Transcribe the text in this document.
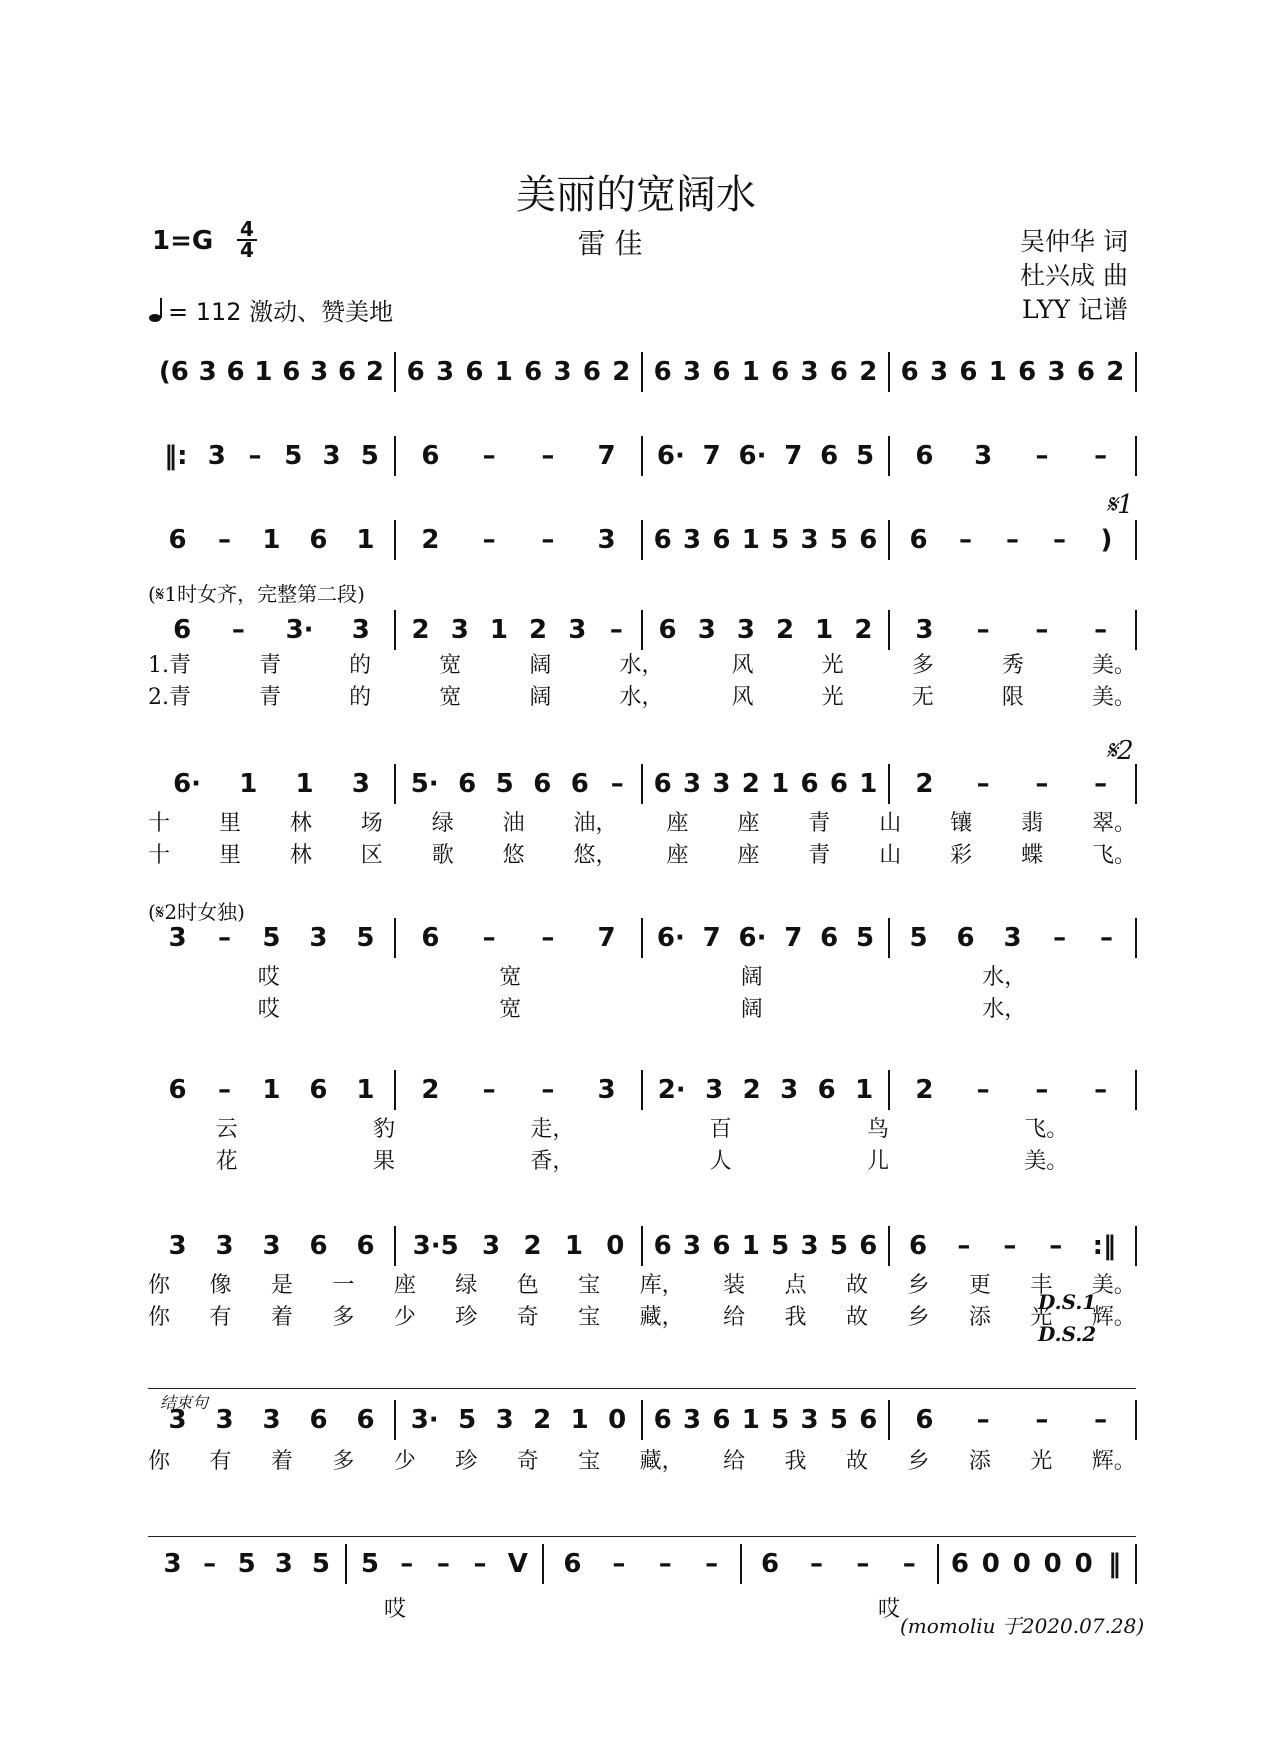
美丽的宽阔水
雷 佳
1=G 4
4	吴仲华 词
杜兴成 曲
LYY 记谱
= 112 激动、赞美地
(6 3 6 1 6 3 6 2 6 3 6 1 6 3 6 2 6 3 6 1 6 3 6 2 6 3 6 1 6 3 6 2
‖: 3 – 5 3 5 6 – – 7 6· 7 6· 7 6 5 6 3 – –
6 – 1 6 1 2 – – 3 6 3 6 1 5 3 5 6 6 – – – )
6 – 3· 3 2 3 1 2 3 – 6 3 3 2 1 2 3 – – –
1.青	青	的	宽	阔	水，	风	光	多	秀	美。
2.青	青	的	宽	阔	水，	风	光	无	限	美。
6· 1 1 3 5· 6 5 6 6 – 6 3 3 2 1 6 6 1 2 – – –
十 里 林 场 绿 油 油， 座 座 青 山 镶 翡 翠。
十 里 林 区 歌 悠 悠， 座 座 青 山 彩 蝶 飞。
3 – 5 3 5 6 – – 7 6· 7 6· 7 6 5 5 6 3 – –
哎	宽	阔	水，
哎	宽	阔	水，
6 – 1 6 1 2 – – 3 2· 3 2 3 6 1 2 – – –
云	豹	走，	百	鸟	飞。
花	果	香，	人	儿	美。
3 3 3 6 6 3·5 3 2 1 0 6 3 6 1 5 3 5 6 6 – – – :‖
你 像 是 一 座 绿 色 宝 库， 装 点 故 乡 更 丰 美。
你 有 着 多 少 珍 奇 宝 藏， 给 我 故 乡 添 光 辉。
3 3 3 6 6 3· 5 3 2 1 0 6 3 6 1 5 3 5 6 6 – – –
你 有 着 多 少 珍 奇 宝 藏， 给 我 故 乡 添 光 辉。
3 – 5 3 5 5 – – – V 6 – – – 6 – – – 6 0 0 0 0 ‖
哎	哎
(𝄋1时女齐，完整第二段)
𝄋1
𝄋2
(𝄋2时女独)
D.S.1
D.S.2
结束句
(momoliu 于2020.07.28)
